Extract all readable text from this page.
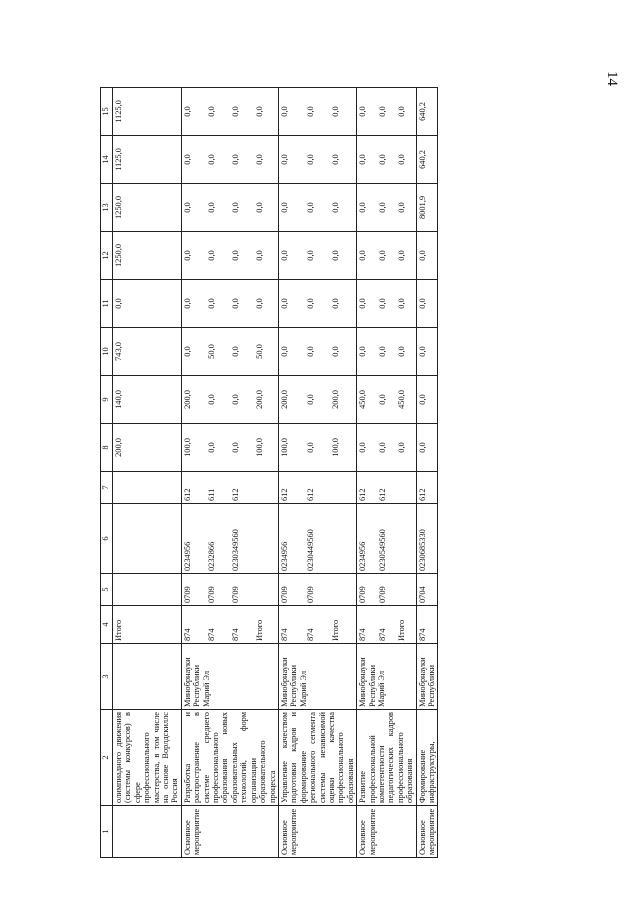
14
1	2	3	4	5	6	7	8	9	10	11	12	13	14	15
	олимпиадного движения (системы конкурсов) в сфере профессионального мастерства, в том числе на основе Ворлдскиллс Россия		Итого				200,0	140,0	743,0	0,0	1250,0	1250,0	1125,0	1125,0
Основное мероприятие	Разработка и распространение в системе среднего профессионального образования новых образовательных технологий, форм организации образовательного процесса	Минобрнауки Республики Марий Эл	874	0709	0234956	612	100,0	200,0	0,0	0,0	0,0	0,0	0,0	0,0
			874	0709	0232866	611	0,0	0,0	50,0	0,0	0,0	0,0	0,0	0,0
			874	0709	0230349560	612	0,0	0,0	0,0	0,0	0,0	0,0	0,0	0,0
			Итого				100,0	200,0	50,0	0,0	0,0	0,0	0,0	0,0
Основное мероприятие	Управление качеством подготовки кадров и формирование регионального сегмента системы независимой оценки качества профессионального образования	Минобрнауки Республики Марий Эл	874	0709	0234956	612	100,0	200,0	0,0	0,0	0,0	0,0	0,0	0,0
			874	0709	0230449560	612	0,0	0,0	0,0	0,0	0,0	0,0	0,0	0,0
			Итого				100,0	200,0	0,0	0,0	0,0	0,0	0,0	0,0
Основное мероприятие	Развитие профессиональной компетентности педагогических кадров профессионального образования	Минобрнауки Республики Марий Эл	874	0709	0234956	612	0,0	450,0	0,0	0,0	0,0	0,0	0,0	0,0
			874	0709	0230549560	612	0,0	0,0	0,0	0,0	0,0	0,0	0,0	0,0
			Итого				0,0	450,0	0,0	0,0	0,0	0,0	0,0	0,0
Основное мероприятие	Формирование инфраструктуры,	Минобрнауки Республики	874	0704	0230685330	612	0,0	0,0	0,0	0,0	0,0	8001,9	640,2	640,2
